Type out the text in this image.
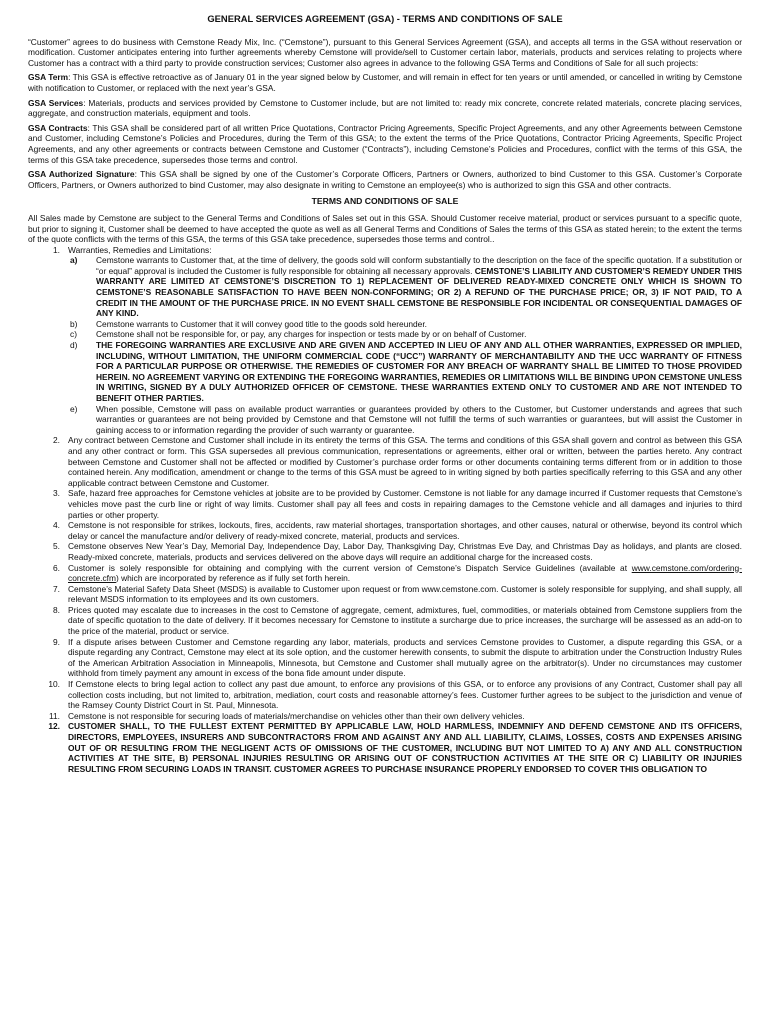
GENERAL SERVICES AGREEMENT (GSA) - TERMS AND CONDITIONS OF SALE

“Customer” agrees to do business with Cemstone Ready Mix, Inc. (“Cemstone”), pursuant to this General Services Agreement (GSA), and accepts all terms in the GSA without reservation or modification. Customer anticipates entering into further agreements whereby Cemstone will provide/sell to Customer certain labor, materials, products and services relating to projects where Customer has a contract with a third party to provide construction services; Customer also agrees in advance to the following GSA Terms and Conditions of Sale for all such projects:

GSA Term: This GSA is effective retroactive as of January 01 in the year signed below by Customer, and will remain in effect for ten years or until amended, or cancelled in writing by Cemstone with notification to Customer, or replaced with the next year’s GSA.

GSA Services: Materials, products and services provided by Cemstone to Customer include, but are not limited to: ready mix concrete, concrete related materials, concrete placing services, aggregate, and construction materials, equipment and tools.

GSA Contracts: This GSA shall be considered part of all written Price Quotations, Contractor Pricing Agreements, Specific Project Agreements, and any other Agreements between Cemstone and Customer, including Cemstone’s Policies and Procedures, during the Term of this GSA; to the extent the terms of the Price Quotations, Contractor Pricing Agreements, Specific Project Agreements, and any other agreements or contracts between Cemstone and Customer (“Contracts”), including Cemstone’s Policies and Procedures, conflict with the terms of this GSA, the terms of this GSA take precedence, supersedes those terms and control.

GSA Authorized Signature: This GSA shall be signed by one of the Customer’s Corporate Officers, Partners or Owners, authorized to bind Customer to this GSA. Customer’s Corporate Officers, Partners, or Owners authorized to bind Customer, may also designate in writing to Cemstone an employee(s) who is authorized to sign this GSA and other contracts.

TERMS AND CONDITIONS OF SALE

All Sales made by Cemstone are subject to the General Terms and Conditions of Sales set out in this GSA. Should Customer receive material, product or services pursuant to a specific quote, but prior to signing it, Customer shall be deemed to have accepted the quote as well as all General Terms and Conditions of Sales the terms of this GSA as stated herein; to the extent the terms of the quote conflicts with the terms of this GSA, the terms of this GSA take precedence, supersedes those terms and control..

1. Warranties, Remedies and Limitations:
a) Cemstone warrants to Customer that, at the time of delivery, the goods sold will conform substantially to the description on the face of the specific quotation. If a substitution or “or equal” approval is included the Customer is fully responsible for obtaining all necessary approvals. CEMSTONE’S LIABILITY AND CUSTOMER’S REMEDY UNDER THIS WARRANTY ARE LIMITED AT CEMSTONE’S DISCRETION TO 1) REPLACEMENT OF DELIVERED READY-MIXED CONCRETE ONLY WHICH IS SHOWN TO CEMSTONE’S REASONABLE SATISFACTION TO HAVE BEEN NON-CONFORMING; OR 2) A REFUND OF THE PURCHASE PRICE; OR, 3) IF NOT PAID, TO A CREDIT IN THE AMOUNT OF THE PURCHASE PRICE. IN NO EVENT SHALL CEMSTONE BE RESPONSIBLE FOR INCIDENTAL OR CONSEQUENTIAL DAMAGES OF ANY KIND.
b) Cemstone warrants to Customer that it will convey good title to the goods sold hereunder.
c) Cemstone shall not be responsible for, or pay, any charges for inspection or tests made by or on behalf of Customer.
d) THE FOREGOING WARRANTIES ARE EXCLUSIVE AND ARE GIVEN AND ACCEPTED IN LIEU OF ANY AND ALL OTHER WARRANTIES, EXPRESSED OR IMPLIED, INCLUDING, WITHOUT LIMITATION, THE UNIFORM COMMERCIAL CODE (“UCC”) WARRANTY OF MERCHANTABILITY AND THE UCC WARRANTY OF FITNESS FOR A PARTICULAR PURPOSE OR OTHERWISE. THE REMEDIES OF CUSTOMER FOR ANY BREACH OF WARRANTY SHALL BE LIMITED TO THOSE PROVIDED HEREIN. NO AGREEMENT VARYING OR EXTENDING THE FOREGOING WARRANTIES, REMEDIES OR LIMITATIONS WILL BE BINDING UPON CEMSTONE UNLESS IN WRITING, SIGNED BY A DULY AUTHORIZED OFFICER OF CEMSTONE. THESE WARRANTIES EXTEND ONLY TO CUSTOMER AND ARE NOT INTENDED TO BENEFIT OTHER PARTIES.
e) When possible, Cemstone will pass on available product warranties or guarantees provided by others to the Customer, but Customer understands and agrees that such warranties or guarantees are not being provided by Cemstone and that Cemstone will not fulfill the terms of such warranties or guarantees, but will assist the Customer in gaining access to or information regarding the provider of such warranty or guarantee.
2. Any contract between Cemstone and Customer shall include in its entirety the terms of this GSA. The terms and conditions of this GSA shall govern and control as between this GSA and any other contract or form. This GSA supersedes all previous communication, representations or agreements, either oral or written, between the parties hereto. Any contract between Cemstone and Customer shall not be affected or modified by Customer’s purchase order forms or other documents containing terms different from or in addition to those contained herein. Any modification, amendment or change to the terms of this GSA must be agreed to in writing signed by both parties specifically referring to this GSA and any other applicable contract between Cemstone and Customer.
3. Safe, hazard free approaches for Cemstone vehicles at jobsite are to be provided by Customer. Cemstone is not liable for any damage incurred if Customer requests that Cemstone’s vehicles move past the curb line or right of way limits. Customer shall pay all fees and costs in repairing damages to the Cemstone vehicle and all damages and injuries to third parties or other property.
4. Cemstone is not responsible for strikes, lockouts, fires, accidents, raw material shortages, transportation shortages, and other causes, natural or otherwise, beyond its control which delay or cancel the manufacture and/or delivery of ready-mixed concrete, material, products and services.
5. Cemstone observes New Year’s Day, Memorial Day, Independence Day, Labor Day, Thanksgiving Day, Christmas Eve Day, and Christmas Day as holidays, and plants are closed. Ready-mixed concrete, materials, products and services delivered on the above days will require an additional charge for the increased costs.
6. Customer is solely responsible for obtaining and complying with the current version of Cemstone’s Dispatch Service Guidelines (available at www.cemstone.com/ordering-concrete.cfm) which are incorporated by reference as if fully set forth herein.
7. Cemstone’s Material Safety Data Sheet (MSDS) is available to Customer upon request or from www.cemstone.com. Customer is solely responsible for supplying, and shall supply, all relevant MSDS information to its employees and its own customers.
8. Prices quoted may escalate due to increases in the cost to Cemstone of aggregate, cement, admixtures, fuel, commodities, or materials obtained from Cemstone suppliers from the date of specific quotation to the date of delivery. If it becomes necessary for Cemstone to institute a surcharge due to price increases, the surcharge will be assessed as an add-on to the price of the material, product or service.
9. If a dispute arises between Customer and Cemstone regarding any labor, materials, products and services Cemstone provides to Customer, a dispute regarding this GSA, or a dispute regarding any Contract, Cemstone may elect at its sole option, and the customer herewith consents, to submit the dispute to arbitration under the Construction Industry Rules of the American Arbitration Association in Minneapolis, Minnesota, but Cemstone and Customer shall mutually agree on the arbitrator(s). Under no circumstances may customer withhold from timely payment any amount in excess of the bona fide amount under dispute.
10. If Cemstone elects to bring legal action to collect any past due amount, to enforce any provisions of this GSA, or to enforce any provisions of any Contract, Customer shall pay all collection costs including, but not limited to, arbitration, mediation, court costs and reasonable attorney’s fees. Customer further agrees to be subject to the jurisdiction and venue of the Ramsey County District Court in St. Paul, Minnesota.
11. Cemstone is not responsible for securing loads of materials/merchandise on vehicles other than their own delivery vehicles.
12. CUSTOMER SHALL, TO THE FULLEST EXTENT PERMITTED BY APPLICABLE LAW, HOLD HARMLESS, INDEMNIFY AND DEFEND CEMSTONE AND ITS OFFICERS, DIRECTORS, EMPLOYEES, INSURERS AND SUBCONTRACTORS FROM AND AGAINST ANY AND ALL LIABILITY, CLAIMS, LOSSES, COSTS AND EXPENSES ARISING OUT OF OR RESULTING FROM THE NEGLIGENT ACTS OF OMISSIONS OF THE CUSTOMER, INCLUDING BUT NOT LIMITED TO A) ANY AND ALL CONSTRUCTION ACTIVITIES AT THE SITE, B) PERSONAL INJURIES RESULTING OR ARISING OUT OF CONSTRUCTION ACTIVITIES AT THE SITE OR C) LIABILITY OR INJURIES RESULTING FROM SECURING LOADS IN TRANSIT. CUSTOMER AGREES TO PURCHASE INSURANCE PROPERLY ENDORSED TO COVER THIS OBLIGATION TO
